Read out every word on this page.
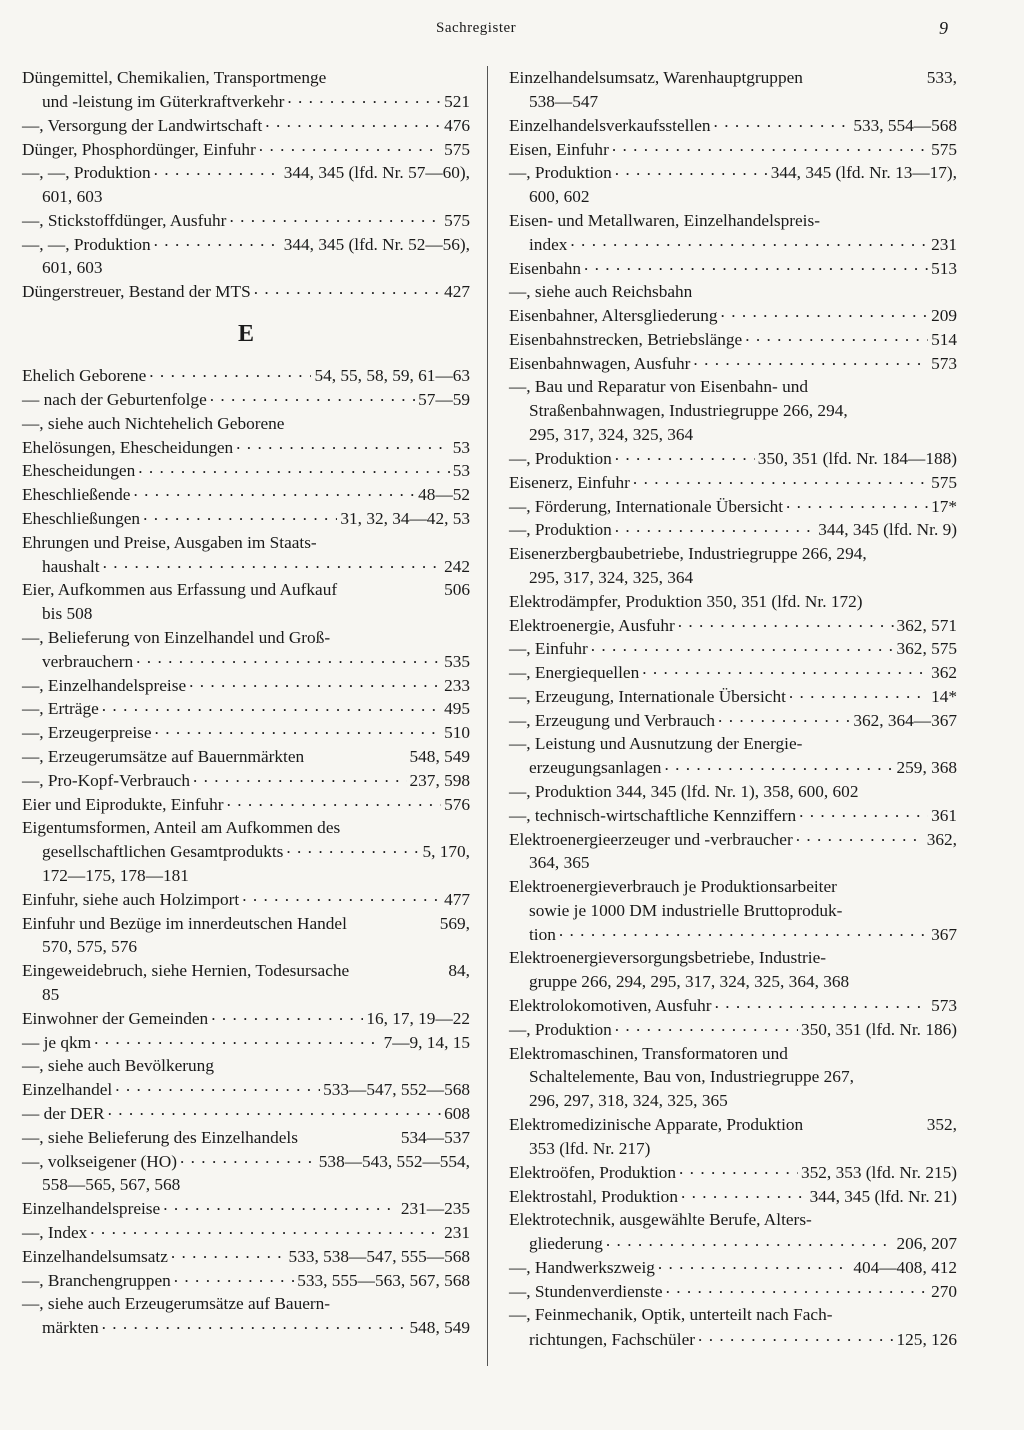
Sachregister	9
Düngemittel, Chemikalien, Transportmenge
und -leistung im Güterkraftverkehr . . .	521
—, Versorgung der Landwirtschaft . . .	476
Dünger, Phosphordünger, Einfuhr . . .	575
—, —, Produktion . . .	344, 345 (lfd. Nr. 57—60),
601, 603
—, Stickstoffdünger, Ausfuhr . . .	575
—, —, Produktion . . .	344, 345 (lfd. Nr. 52—56),
601, 603
Düngerstreuer, Bestand der MTS . . .	427
E
Ehelich Geborene . . .	54, 55, 58, 59, 61—63
— nach der Geburtenfolge . . .	57—59
—, siehe auch Nichtehelich Geborene
Ehelösungen, Ehescheidungen . . .	53
Ehescheidungen . . .	53
Eheschließende . . .	48—52
Eheschließungen . . .	31, 32, 34—42, 53
Ehrungen und Preise, Ausgaben im Staats-
haushalt . . .	242
Eier, Aufkommen aus Erfassung und Aufkauf	506
bis 508
—, Belieferung von Einzelhandel und Groß-
verbrauchern . . .	535
—, Einzelhandelspreise . . .	233
—, Erträge . . .	495
—, Erzeugerpreise . . .	510
—, Erzeugerumsätze auf Bauernmärkten	548, 549
—, Pro-Kopf-Verbrauch . . .	237, 598
Eier und Eiprodukte, Einfuhr . . .	576
Eigentumsformen, Anteil am Aufkommen des
gesellschaftlichen Gesamtprodukts . . .	5, 170,
172—175, 178—181
Einfuhr, siehe auch Holzimport . . .	477
Einfuhr und Bezüge im innerdeutschen Handel	569,
570, 575, 576
Eingeweidebruch, siehe Hernien, Todesursache	84,
85
Einwohner der Gemeinden . . .	16, 17, 19—22
— je qkm . . .	7—9, 14, 15
—, siehe auch Bevölkerung
Einzelhandel . . .	533—547, 552—568
— der DER . . .	608
—, siehe Belieferung des Einzelhandels	534—537
—, volkseigener (HO) . . .	538—543, 552—554,
558—565, 567, 568
Einzelhandelspreise . . .	231—235
—, Index . . .	231
Einzelhandelsumsatz . . .	533, 538—547, 555—568
—, Branchengruppen . . .	533, 555—563, 567, 568
—, siehe auch Erzeugerumsätze auf Bauern-
märkten . . .	548, 549
Einzelhandelsumsatz, Warenhauptgruppen	533,
538—547
Einzelhandelsverkaufsstellen . . .	533, 554—568
Eisen, Einfuhr . . .	575
—, Produktion . . .	344, 345 (lfd. Nr. 13—17),
600, 602
Eisen- und Metallwaren, Einzelhandelspreis-
index . . .	231
Eisenbahn . . .	513
—, siehe auch Reichsbahn
Eisenbahner, Altersgliederung . . .	209
Eisenbahnstrecken, Betriebslänge . . .	514
Eisenbahnwagen, Ausfuhr . . .	573
—, Bau und Reparatur von Eisenbahn- und
Straßenbahnwagen, Industriegruppe 266, 294,
295, 317, 324, 325, 364
—, Produktion . . .	350, 351 (lfd. Nr. 184—188)
Eisenerz, Einfuhr . . .	575
—, Förderung, Internationale Übersicht . . .	17*
—, Produktion . . .	344, 345 (lfd. Nr. 9)
Eisenerzbergbaubetriebe, Industriegruppe 266, 294,
295, 317, 324, 325, 364
Elektrodämpfer, Produktion 350, 351 (lfd. Nr. 172)
Elektroenergie, Ausfuhr . . .	362, 571
—, Einfuhr . . .	362, 575
—, Energiequellen . . .	362
—, Erzeugung, Internationale Übersicht . . .	14*
—, Erzeugung und Verbrauch . . .	362, 364—367
—, Leistung und Ausnutzung der Energie-
erzeugungsanlagen . . .	259, 368
—, Produktion 344, 345 (lfd. Nr. 1), 358, 600, 602
—, technisch-wirtschaftliche Kennziffern . . .	361
Elektroenergieerzeuger und -verbraucher . . .	362,
364, 365
Elektroenergieverbrauch je Produktionsarbeiter
sowie je 1000 DM industrielle Bruttoproduk-
tion . . .	367
Elektroenergieversorgungsbetriebe, Industrie-
gruppe 266, 294, 295, 317, 324, 325, 364, 368
Elektrolokomotiven, Ausfuhr . . .	573
—, Produktion . . .	350, 351 (lfd. Nr. 186)
Elektromaschinen, Transformatoren und
Schaltelemente, Bau von, Industriegruppe 267,
296, 297, 318, 324, 325, 365
Elektromedizinische Apparate, Produktion	352,
353 (lfd. Nr. 217)
Elektroöfen, Produktion . . .	352, 353 (lfd. Nr. 215)
Elektrostahl, Produktion . . .	344, 345 (lfd. Nr. 21)
Elektrotechnik, ausgewählte Berufe, Alters-
gliederung . . .	206, 207
—, Handwerkszweig . . .	404—408, 412
—, Stundenverdienste . . .	270
—, Feinmechanik, Optik, unterteilt nach Fach-
richtungen, Fachschüler . . .	125, 126
